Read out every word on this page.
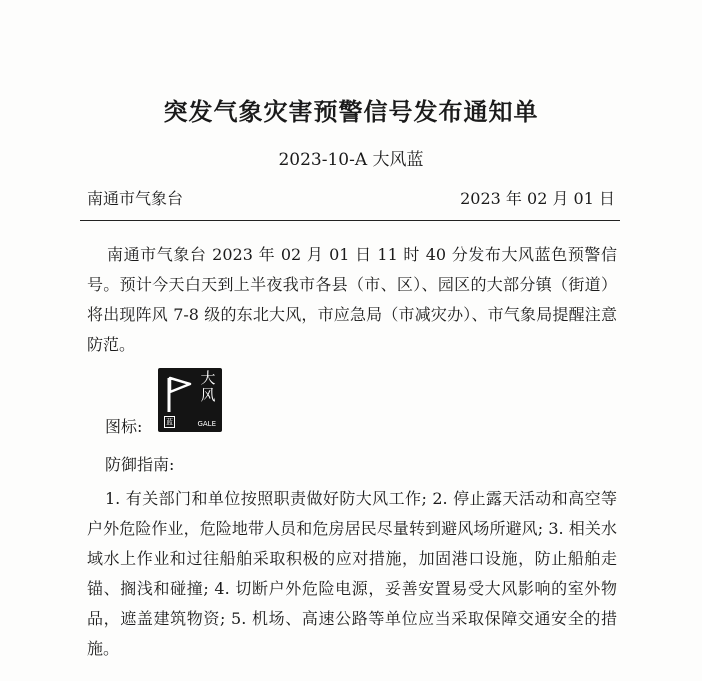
突发气象灾害预警信号发布通知单
2023-10-A 大风蓝
南通市气象台	2023 年 02 月 01 日
南通市气象台 2023 年 02 月 01 日 11 时 40 分发布大风蓝色预警信号。预计今天白天到上半夜我市各县（市、区）、园区的大部分镇（街道）将出现阵风 7-8 级的东北大风，市应急局（市减灾办）、市气象局提醒注意防范。
图标:
大
风
蓝	GALE
防御指南:
1. 有关部门和单位按照职责做好防大风工作; 2. 停止露天活动和高空等户外危险作业，危险地带人员和危房居民尽量转到避风场所避风; 3. 相关水域水上作业和过往船舶采取积极的应对措施，加固港口设施，防止船舶走锚、搁浅和碰撞; 4. 切断户外危险电源，妥善安置易受大风影响的室外物品，遮盖建筑物资; 5. 机场、高速公路等单位应当采取保障交通安全的措施。
